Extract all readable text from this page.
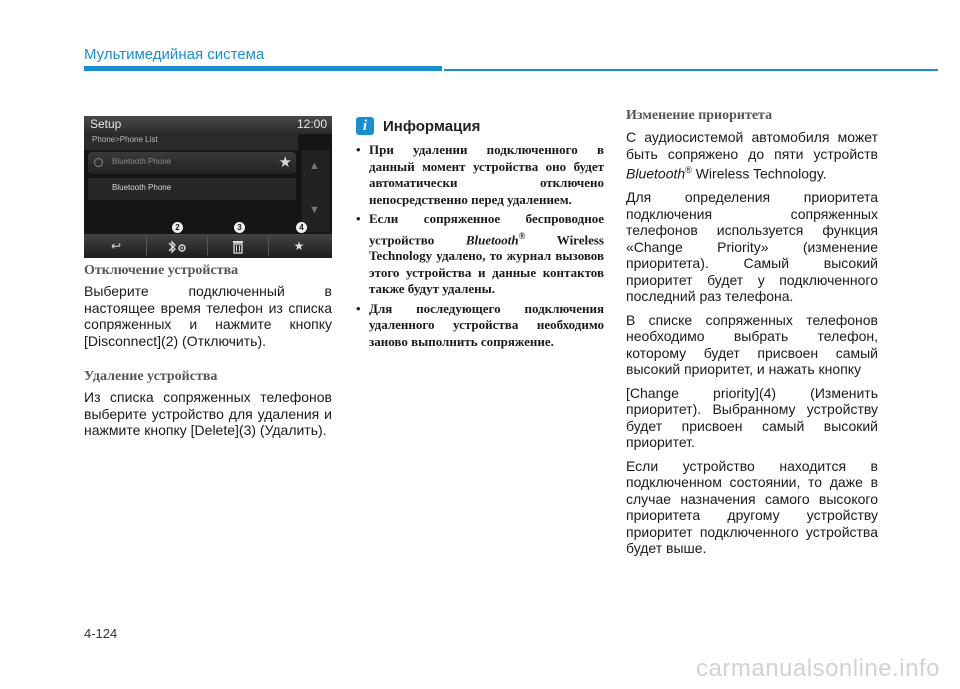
Мультимедийная система
Setup	12:00
Phone>Phone List
Bluetooth Phone	★
Bluetooth Phone
▲
▼
↩	★
2	3	4
Отключение устройства
Выберите подключенный в настоящее время телефон из списка сопряженных и нажмите кнопку [Disconnect](2) (Отключить).
Удаление устройства
Из списка сопряженных телефонов выберите устройство для удаления и нажмите кнопку [Delete](3) (Удалить).
i	Информация
• При удалении подключенного в данный момент устройства оно будет автоматически отключено непосредственно перед удалением.
• Если сопряженное беспроводное устройство Bluetooth® Wireless Technology удалено, то журнал вызовов этого устройства и данные контактов также будут удалены.
• Для последующего подключения удаленного устройства необходимо заново выполнить сопряжение.
Изменение приоритета

С аудиосистемой автомобиля может быть сопряжено до пяти устройств Bluetooth® Wireless Technology.

Для определения приоритета подключения сопряженных телефонов используется функция «Change Priority» (изменение приоритета). Самый высокий приоритет будет у подключенного последний раз телефона.

В списке сопряженных телефонов необходимо выбрать телефон, которому будет присвоен самый высокий приоритет, и нажать кнопку

[Change priority](4) (Изменить приоритет). Выбранному устройству будет присвоен самый высокий приоритет.

Если устройство находится в подключенном состоянии, то даже в случае назначения самого высокого приоритета другому устройству приоритет подключенного устройства будет выше.

4-124
carmanualsonline.info
